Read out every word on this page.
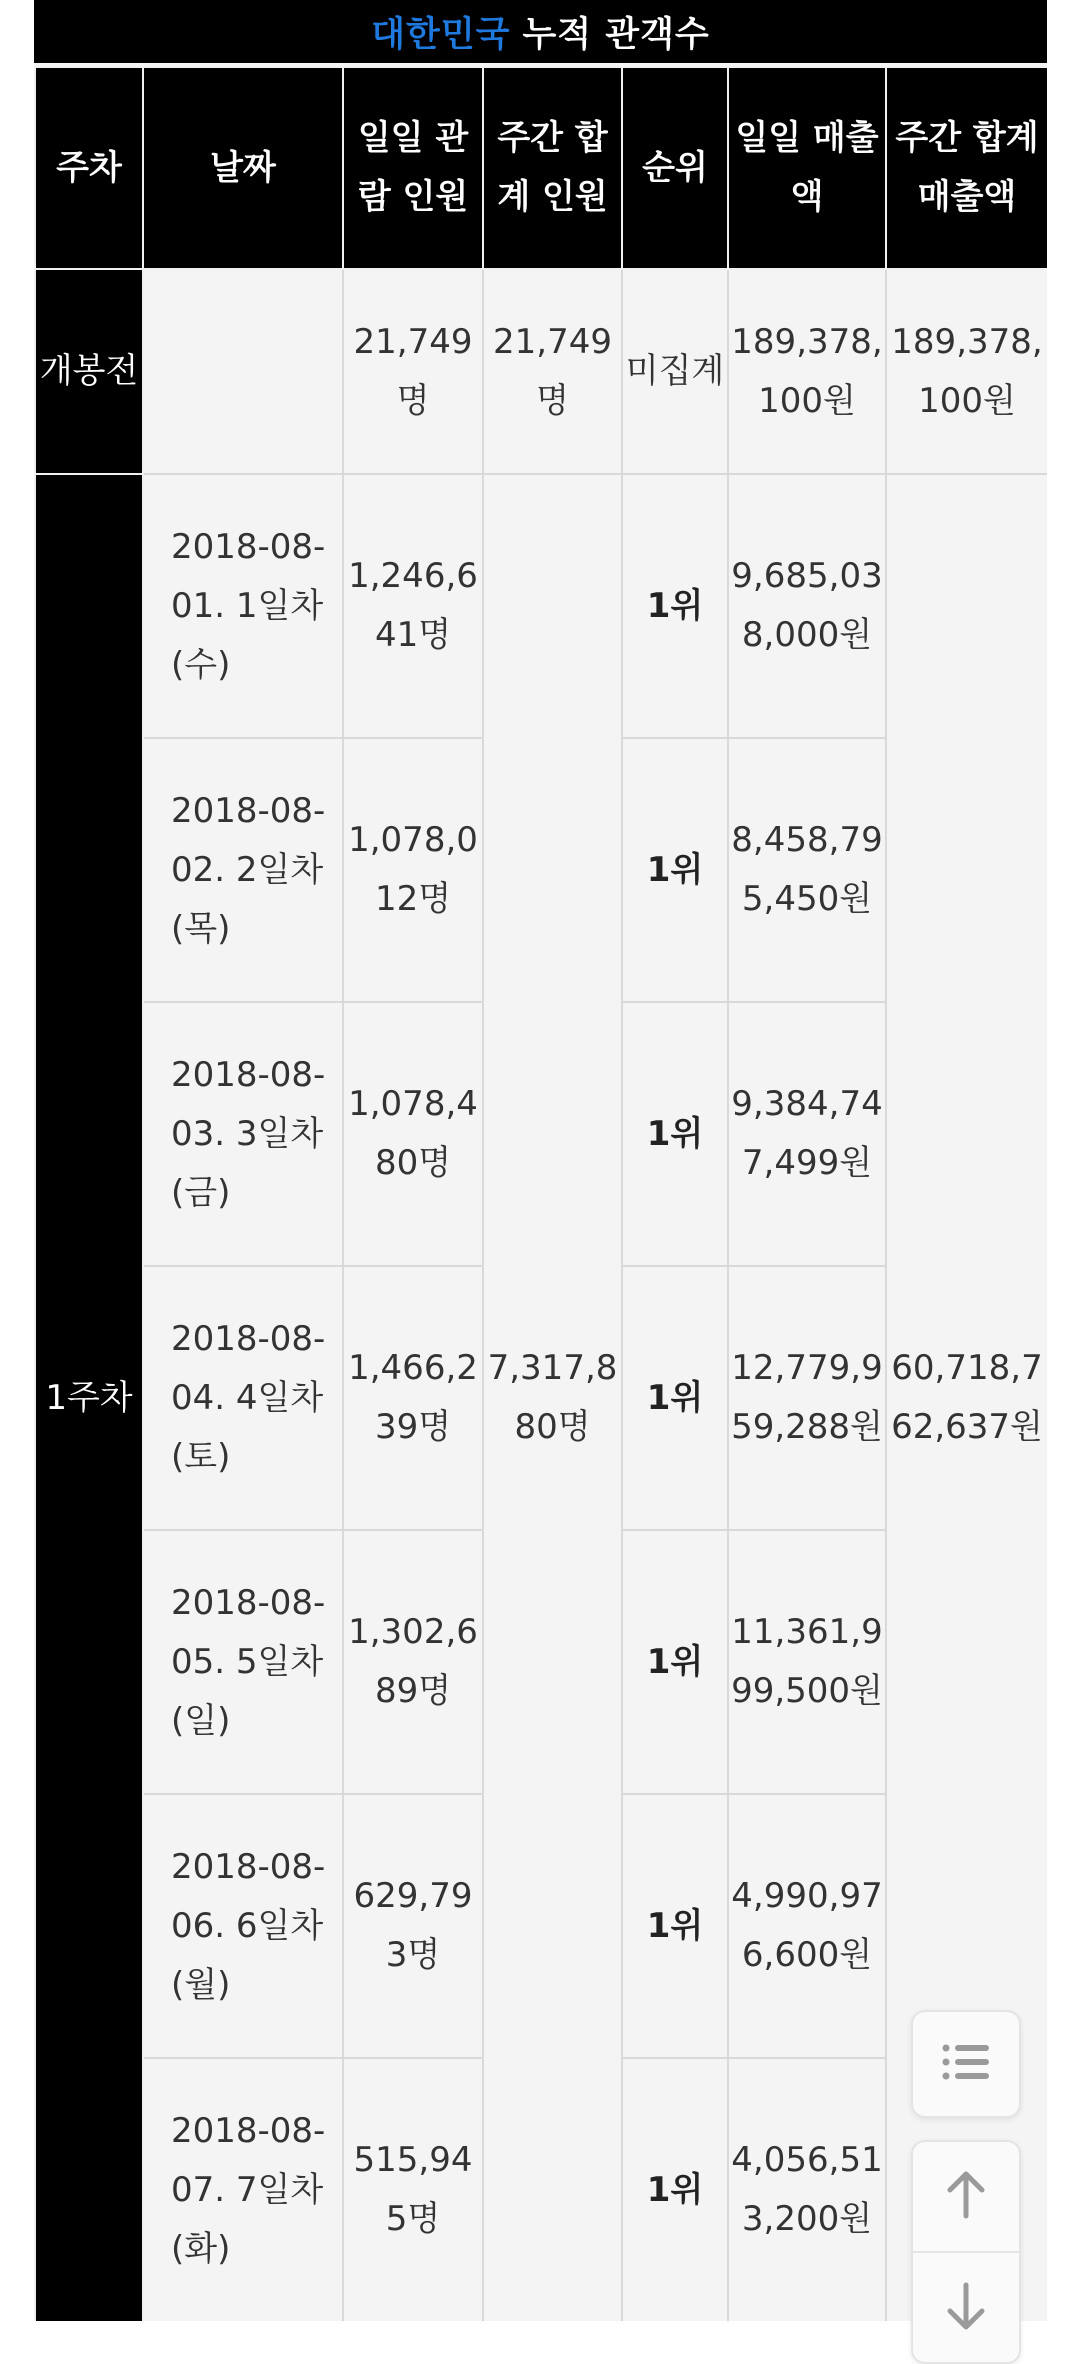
대한민국 누적 관객수
주차	날짜	일일 관람 인원	주간 합계 인원	순위	일일 매출액	주간 합계 매출액
개봉전		21,749명	21,749명	미집계	189,378,100원	189,378,100원
1주차	2018-08-01. 1일차(수)	1,246,641명	7,317,880명	1위	9,685,038,000원	60,718,762,637원
	2018-08-02. 2일차(목)	1,078,012명		1위	8,458,795,450원	
	2018-08-03. 3일차(금)	1,078,480명		1위	9,384,747,499원	
	2018-08-04. 4일차(토)	1,466,239명		1위	12,779,959,288원	
	2018-08-05. 5일차(일)	1,302,689명		1위	11,361,999,500원	
	2018-08-06. 6일차(월)	629,793명		1위	4,990,976,600원	
	2018-08-07. 7일차(화)	515,945명		1위	4,056,513,200원	
